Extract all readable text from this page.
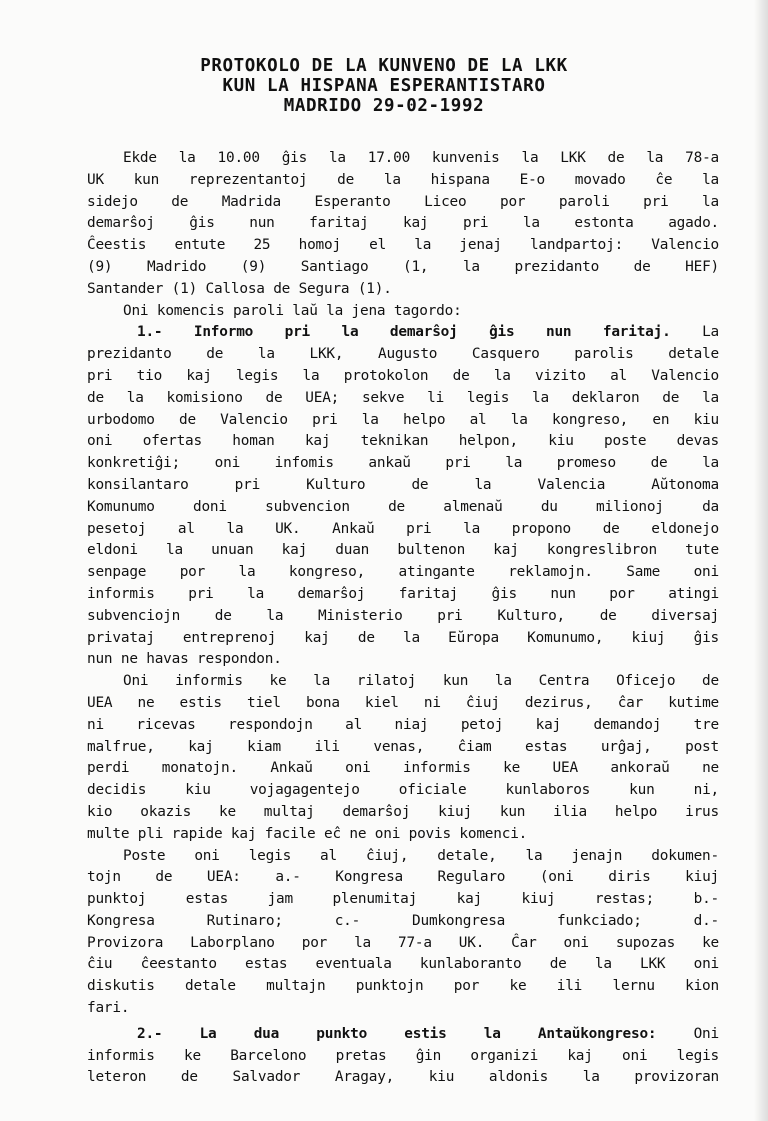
PROTOKOLO DE LA KUNVENO DE LA LKK
KUN LA HISPANA ESPERANTISTARO
MADRIDO 29-02-1992
Ekde la 10.00 ĝis la 17.00 kunvenis la LKK de la 78-a
UK kun reprezentantoj de la hispana E-o movado ĉe la
sidejo de Madrida Esperanto Liceo por paroli pri la
demarŝoj ĝis nun faritaj kaj pri la estonta agado.
Ĉeestis entute 25 homoj el la jenaj landpartoj: Valencio
(9) Madrido (9) Santiago (1, la prezidanto de HEF)
Santander (1) Callosa de Segura (1).
Oni komencis paroli laŭ la jena tagordo:
1.- Informo pri la demarŝoj ĝis nun faritaj. La
prezidanto de la LKK, Augusto Casquero parolis detale
pri tio kaj legis la protokolon de la vizito al Valencio
de la komisiono de UEA; sekve li legis la deklaron de la
urbodomo de Valencio pri la helpo al la kongreso, en kiu
oni ofertas homan kaj teknikan helpon, kiu poste devas
konkretiĝi; oni infomis ankaŭ pri la promeso de la
konsilantaro pri Kulturo de la Valencia Aŭtonoma
Komunumo doni subvencion de almenaŭ du milionoj da
pesetoj al la UK. Ankaŭ pri la propono de eldonejo
eldoni la unuan kaj duan bultenon kaj kongreslibron tute
senpage por la kongreso, atingante reklamojn. Same oni
informis pri la demarŝoj faritaj ĝis nun por atingi
subvenciojn de la Ministerio pri Kulturo, de diversaj
privataj entreprenoj kaj de la Eŭropa Komunumo, kiuj ĝis
nun ne havas respondon.
Oni informis ke la rilatoj kun la Centra Oficejo de
UEA ne estis tiel bona kiel ni ĉiuj dezirus, ĉar kutime
ni ricevas respondojn al niaj petoj kaj demandoj tre
malfrue, kaj kiam ili venas, ĉiam estas urĝaj, post
perdi monatojn. Ankaŭ oni informis ke UEA ankoraŭ ne
decidis kiu vojagagentejo oficiale kunlaboros kun ni,
kio okazis ke multaj demarŝoj kiuj kun ilia helpo irus
multe pli rapide kaj facile eĉ ne oni povis komenci.
Poste oni legis al ĉiuj, detale, la jenajn dokumen-
tojn de UEA: a.- Kongresa Regularo (oni diris kiuj
punktoj estas jam plenumitaj kaj kiuj restas; b.-
Kongresa Rutinaro; c.- Dumkongresa funkciado; d.-
Provizora Laborplano por la 77-a UK. Ĉar oni supozas ke
ĉiu ĉeestanto estas eventuala kunlaboranto de la LKK oni
diskutis detale multajn punktojn por ke ili lernu kion
fari.
2.- La dua punkto estis la Antaŭkongreso:	Oni
informis ke Barcelono pretas ĝin organizi kaj oni legis
leteron de Salvador Aragay, kiu aldonis la provizoran
